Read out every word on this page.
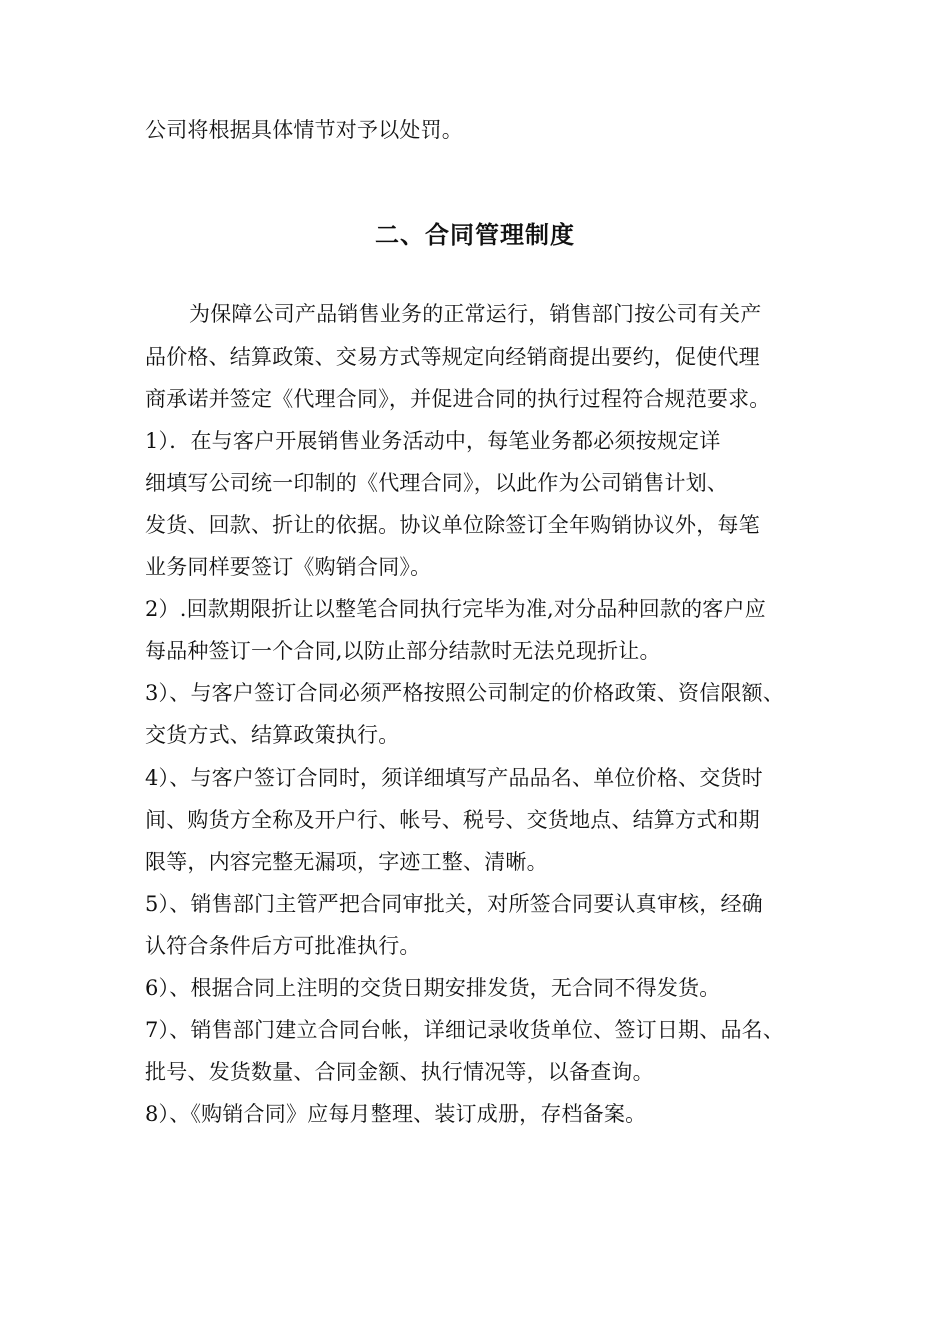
公司将根据具体情节对予以处罚。
二、合同管理制度
为保障公司产品销售业务的正常运行，销售部门按公司有关产
品价格、结算政策、交易方式等规定向经销商提出要约，促使代理
商承诺并签定《代理合同》，并促进合同的执行过程符合规范要求。
1）．在与客户开展销售业务活动中，每笔业务都必须按规定详
细填写公司统一印制的《代理合同》，以此作为公司销售计划、
发货、回款、折让的依据。协议单位除签订全年购销协议外，每笔
业务同样要签订《购销合同》。
2）.回款期限折让以整笔合同执行完毕为准,对分品种回款的客户应
每品种签订一个合同,以防止部分结款时无法兑现折让。
3）、与客户签订合同必须严格按照公司制定的价格政策、资信限额、
交货方式、结算政策执行。
4）、与客户签订合同时，须详细填写产品品名、单位价格、交货时
间、购货方全称及开户行、帐号、税号、交货地点、结算方式和期
限等，内容完整无漏项，字迹工整、清晰。
5）、销售部门主管严把合同审批关，对所签合同要认真审核，经确
认符合条件后方可批准执行。
6）、根据合同上注明的交货日期安排发货，无合同不得发货。
7）、销售部门建立合同台帐，详细记录收货单位、签订日期、品名、
批号、发货数量、合同金额、执行情况等，以备查询。
8）、《购销合同》应每月整理、装订成册，存档备案。
